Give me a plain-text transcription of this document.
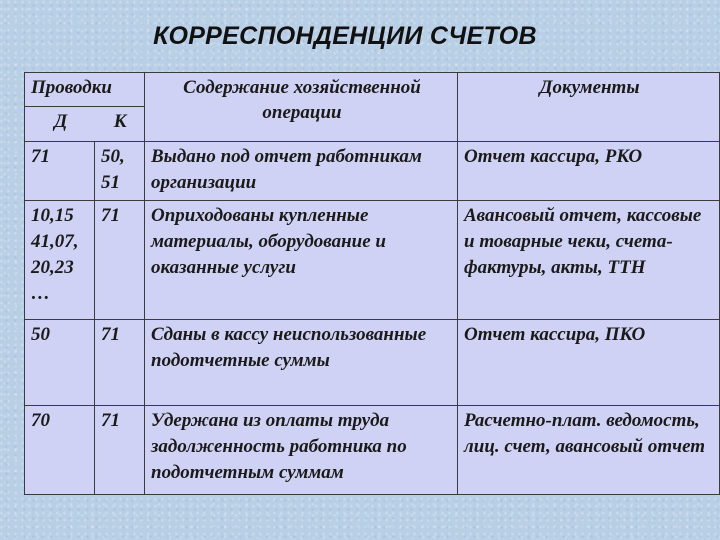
КОРРЕСПОНДЕНЦИИ СЧЕТОВ
Проводки		Содержание хозяйственной операции	Документы
Д	К		
71	50, 51	Выдано под отчет работникам организации	Отчет кассира, РКО
10,15 41,07, 20,23 …	71	Оприходованы купленные материалы, оборудование и оказанные услуги	Авансовый отчет, кассовые и товарные чеки, счета-фактуры, акты, ТТН
50	71	Сданы в кассу неиспользованные подотчетные суммы	Отчет кассира, ПКО
70	71	Удержана из оплаты труда задолженность работника по подотчетным суммам	Расчетно-плат. ведомость, лиц. счет, авансовый отчет
